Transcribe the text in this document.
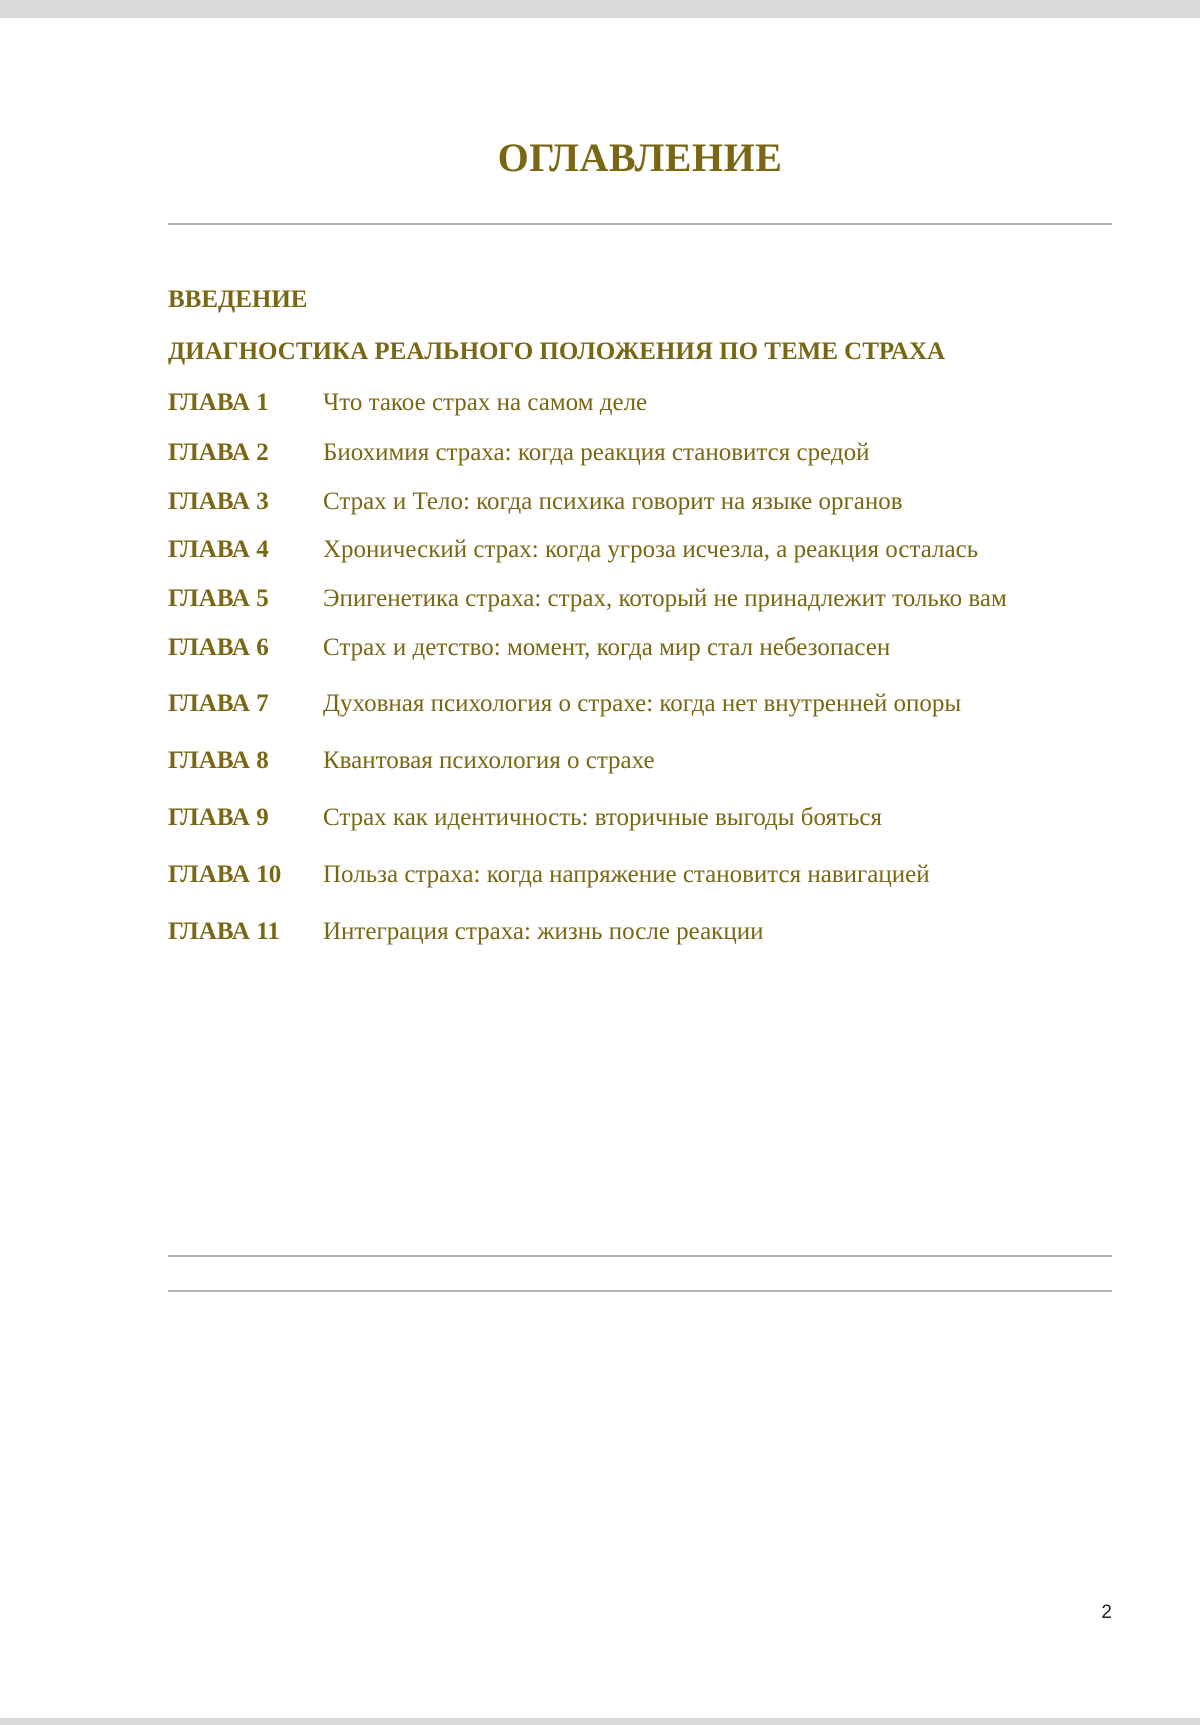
ОГЛАВЛЕНИЕ
ВВЕДЕНИЕ
ДИАГНОСТИКА РЕАЛЬНОГО ПОЛОЖЕНИЯ ПО ТЕМЕ СТРАХА
ГЛАВА 1 Что такое страх на самом деле
ГЛАВА 2 Биохимия страха: когда реакция становится средой
ГЛАВА 3 Страх и Тело: когда психика говорит на языке органов
ГЛАВА 4 Хронический страх: когда угроза исчезла, а реакция осталась
ГЛАВА 5 Эпигенетика страха: страх, который не принадлежит только вам
ГЛАВА 6 Страх и детство: момент, когда мир стал небезопасен
ГЛАВА 7 Духовная психология о страхе: когда нет внутренней опоры
ГЛАВА 8 Квантовая психология о страхе
ГЛАВА 9 Страх как идентичность: вторичные выгоды бояться
ГЛАВА 10 Польза страха: когда напряжение становится навигацией
ГЛАВА 11 Интеграция страха: жизнь после реакции
2
